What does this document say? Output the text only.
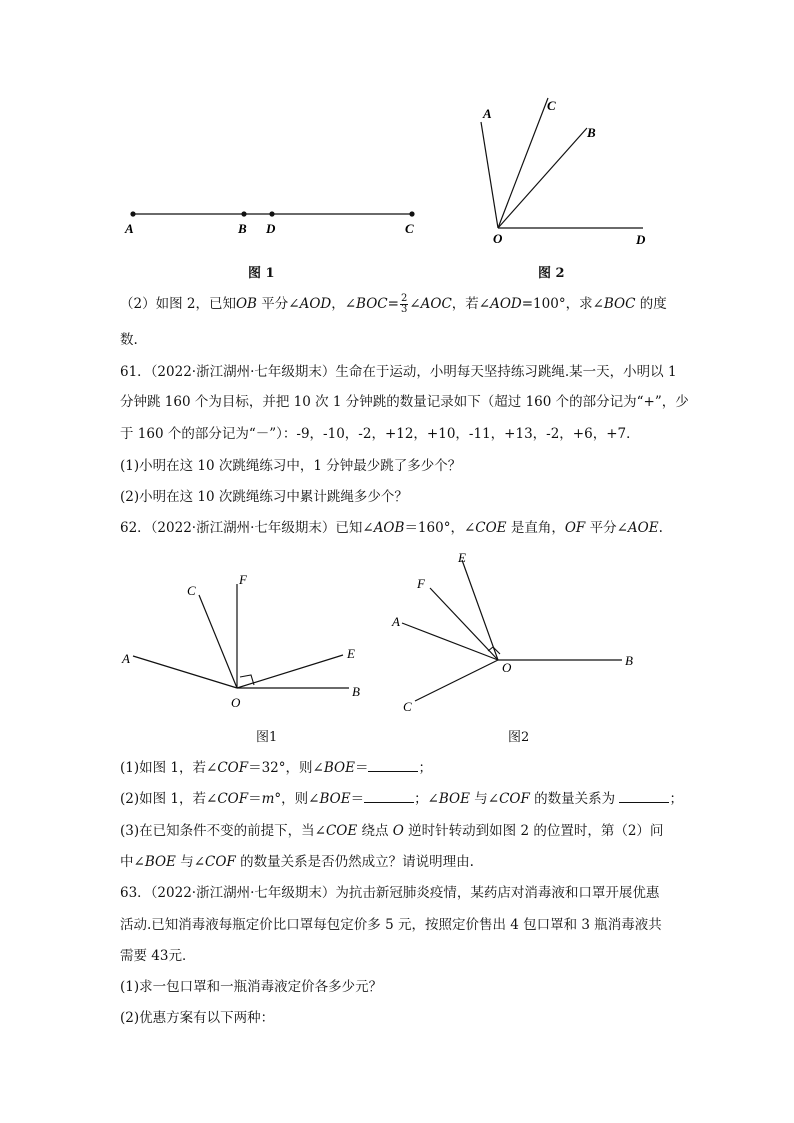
A	B D	C
图 1
A
C
B
O	D
图 2
（2）如图 2，已知OB 平分∠AOD，∠BOC= $\frac{2}{3}$ ∠AOC，若∠AOD=100°，求∠BOC 的度
数.
61．（2022·浙江湖州·七年级期末）生命在于运动，小明每天坚持练习跳绳.某一天，小明以 1
分钟跳 160 个为目标，并把 10 次 1 分钟跳的数量记录如下（超过 160 个的部分记为“+”，少
于 160 个的部分记为“－”）：-9，-10，-2，+12，+10，-11，+13，-2，+6，+7．
(1)小明在这 10 次跳绳练习中，1 分钟最少跳了多少个？
(2)小明在这 10 次跳绳练习中累计跳绳多少个？
62．（2022·浙江湖州·七年级期末）已知∠AOB＝160°，∠COE 是直角，OF 平分∠AOE.
F
C
A	E
O
B
图1
E
F
A
O	B
C
图2
(1)如图 1，若∠COF＝32°，则∠BOE＝	；
(2)如图 1，若∠COF＝m°，则∠BOE＝	；∠BOE 与∠COF 的数量关系为	；
(3)在已知条件不变的前提下，当∠COE 绕点 O 逆时针转动到如图 2 的位置时，第（2）问
中∠BOE 与∠COF 的数量关系是否仍然成立？请说明理由.
63．（2022·浙江湖州·七年级期末）为抗击新冠肺炎疫情，某药店对消毒液和口罩开展优惠
活动.已知消毒液每瓶定价比口罩每包定价多 5 元，按照定价售出 4 包口罩和 3 瓶消毒液共
需要 43元．
(1)求一包口罩和一瓶消毒液定价各多少元？
(2)优惠方案有以下两种：
